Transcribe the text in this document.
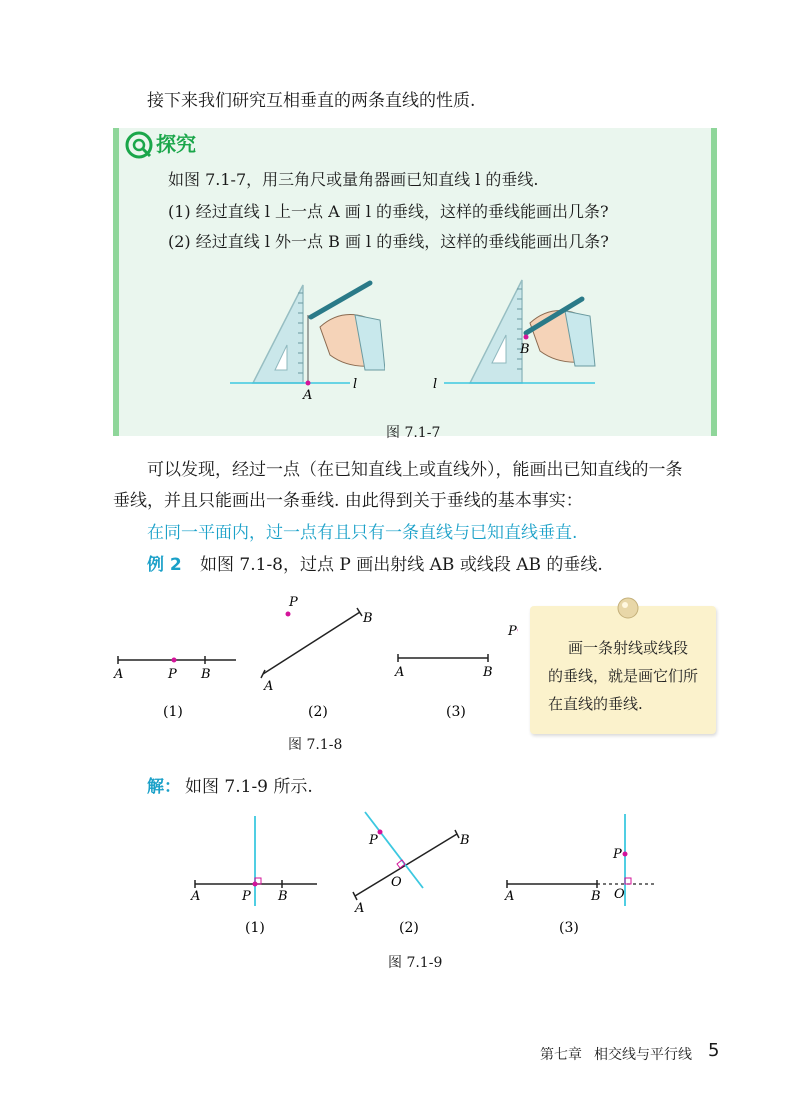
接下来我们研究互相垂直的两条直线的性质.
探究
如图 7.1-7，用三角尺或量角器画已知直线 l 的垂线.
(1) 经过直线 l 上一点 A 画 l 的垂线，这样的垂线能画出几条?
(2) 经过直线 l 外一点 B 画 l 的垂线，这样的垂线能画出几条?
A
l
B
l
图 7.1-7
可以发现，经过一点（在已知直线上或直线外），能画出已知直线的一条
垂线，并且只能画出一条垂线. 由此得到关于垂线的基本事实：
在同一平面内，过一点有且只有一条直线与已知直线垂直.
例 2 如图 7.1-8，过点 P 画出射线 AB 或线段 AB 的垂线.
A	P B
(1)
P
B
A
(2)
A	B
P
(3)
图 7.1-8
画一条射线或线段
的垂线，就是画它们所
在直线的垂线.
解： 如图 7.1-9 所示.
A	P B
(1)
P	B
O
A
(2)
A	B
P
O
(3)
图 7.1-9
第七章 相交线与平行线 5
